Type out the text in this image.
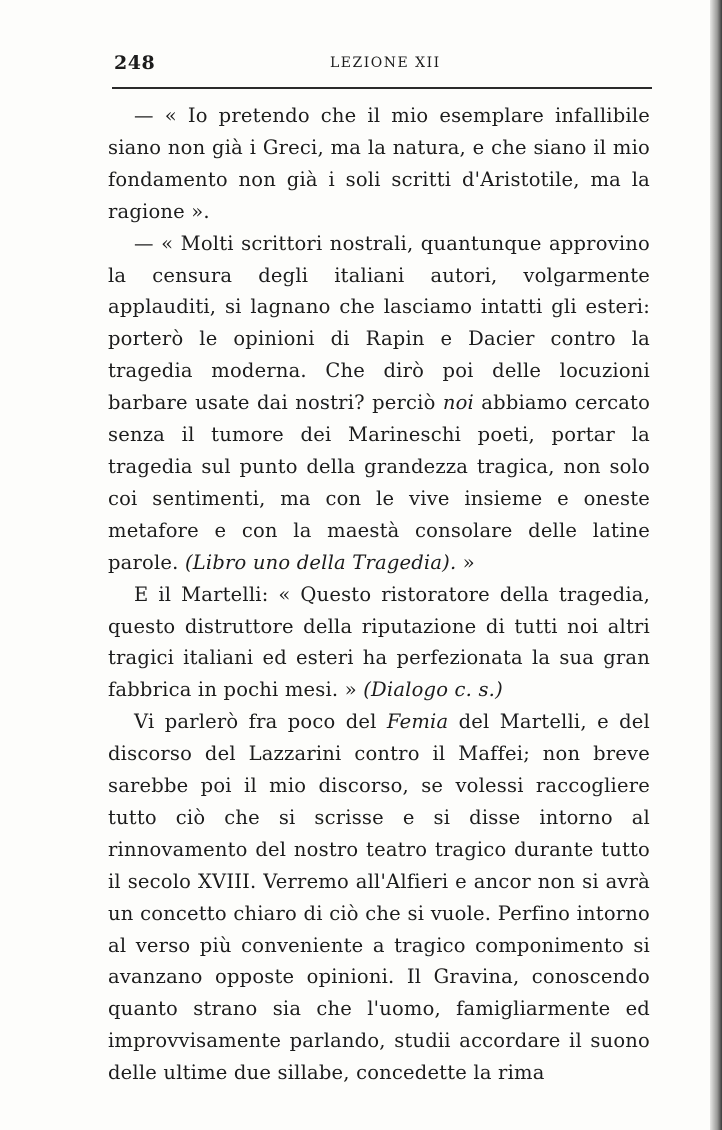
248	LEZIONE XII

— « Io pretendo che il mio esemplare infallibile siano non già i Greci, ma la natura, e che siano il mio fondamento non già i soli scritti d'Aristotile, ma la ragione ».

— « Molti scrittori nostrali, quantunque approvino la censura degli italiani autori, volgarmente applauditi, si lagnano che lasciamo intatti gli esteri: porterò le opinioni di Rapin e Dacier contro la tragedia moderna. Che dirò poi delle locuzioni barbare usate dai nostri? perciò noi abbiamo cercato senza il tumore dei Marineschi poeti, portar la tragedia sul punto della grandezza tragica, non solo coi sentimenti, ma con le vive insieme e oneste metafore e con la maestà consolare delle latine parole. (Libro uno della Tragedia). »

E il Martelli: « Questo ristoratore della tragedia, questo distruttore della riputazione di tutti noi altri tragici italiani ed esteri ha perfezionata la sua gran fabbrica in pochi mesi. » (Dialogo c. s.)

Vi parlerò fra poco del Femia del Martelli, e del discorso del Lazzarini contro il Maffei; non breve sarebbe poi il mio discorso, se volessi raccogliere tutto ciò che si scrisse e si disse intorno al rinnovamento del nostro teatro tragico durante tutto il secolo XVIII. Verremo all'Alfieri e ancor non si avrà un concetto chiaro di ciò che si vuole. Perfino intorno al verso più conveniente a tragico componimento si avanzano opposte opinioni. Il Gravina, conoscendo quanto strano sia che l'uomo, famigliarmente ed improvvisamente parlando, studii accordare il suono delle ultime due sillabe, concedette la rima
